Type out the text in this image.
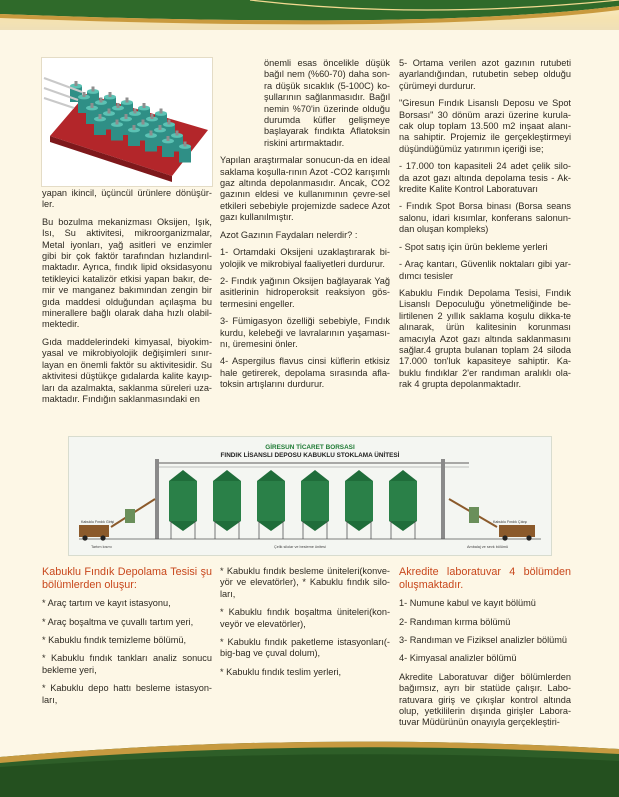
yapan ikincil, üçüncül ürünlere dönüşür-ler.

Bu bozulma mekanizması Oksijen, Işık, Isı, Su aktivitesi, mikroorganizmalar, Metal iyonları, yağ asitleri ve enzimler gibi bir çok faktör tarafından hızlandırıl-maktadır. Ayrıca, fındık lipid oksidasyonu tetikleyici katalizör etkisi yapan bakır, de-mir ve manganez bakımından zengin bir gıda maddesi olduğundan açılaşma bu minerallere bağlı olarak daha hızlı olabil-mektedir.

Gıda maddelerindeki kimyasal, biyokim-yasal ve mikrobiyolojik değişimleri sınır-layan en önemli faktör su aktivitesidir. Su aktivitesi düştükçe gıdalarda kalite kayıp-ları da azalmakta, saklanma süreleri uza-maktadır. Fındığın saklanmasındaki en

önemli esas öncelikle düşük bağıl nem (%60-70) daha son-ra düşük sıcaklık (5-100C) ko-şullarının sağlanmasıdır. Bağıl nemin %70'in üzerinde olduğu durumda küfler gelişmeye başlayarak fındıkta Aflatoksin riskini artırmaktadır.

Yapılan araştırmalar sonucun-da en ideal saklama koşulla-rının Azot -CO2 karışımlı gaz altında depolanmasıdır. Ancak, CO2 gazının eldesi ve kullanımının çevre-sel etkileri sebebiyle projemizde sadece Azot gazı kullanılmıştır.

Azot Gazının Faydaları nelerdir? :

1- Ortamdaki Oksijeni uzaklaştırarak bi-yolojik ve mikrobiyal faaliyetleri durdurur.

2- Fındık yağının Oksijen bağlayarak Yağ asitlerinin hidroperoksit reaksiyon gös-termesini engeller.

3- Fümigasyon özelliği sebebiyle, Fındık kurdu, kelebeği ve lavralarının yaşaması-nı, üremesini önler.

4- Aspergilus flavus cinsi küflerin etkisiz hale getirerek, depolama sırasında afla-toksin artışlarını durdurur.

5- Ortama verilen azot gazının rutubeti ayarlandığından, rutubetin sebep olduğu çürümeyi durdurur.

"Giresun Fındık Lisanslı Deposu ve Spot Borsası" 30 dönüm arazi üzerine kurula-cak olup toplam 13.500 m2 inşaat alanı-na sahiptir. Projemiz ile gerçekleştirmeyi düşündüğümüz yatırımın içeriği ise;

- 17.000 ton kapasiteli 24 adet çelik silo-da azot gazı altında depolama tesis - Ak-kredite Kalite Kontrol Laboratuvarı

- Fındık Spot Borsa binası (Borsa seans salonu, idari kısımlar, konferans salonun-dan oluşan kompleks)

- Spot satış için ürün bekleme yerleri

- Araç kantarı, Güvenlik noktaları gibi yar-dımcı tesisler

Kabuklu Fındık Depolama Tesisi, Fındık Lisanslı Depoculuğu yönetmeliğinde be-lirtilenen 2 yıllık saklama koşulu dikka-te alınarak, ürün kalitesinin korunması amacıyla Azot gazı altında saklanmasını sağlar.4 grupta bulanan toplam 24 siloda 17.000 ton'luk kapasiteye sahiptir. Ka-buklu fındıklar 2'er randıman aralıklı ola-rak 4 grupta depolanmaktadır.

GİRESUN TİCARET BORSASI
FINDIK LİSANSLI DEPOSU KABUKLU STOKLAMA ÜNİTESİ
Kabuklu Fındık Girişi	Kabuklu Fındık Çıkışı
Tartım kısmı	Çelik silolar ve besleme ünitesi	Ambalaj ve sevk bölümü

Kabuklu Fındık Depolama Tesisi şu bölümlerden oluşur:

* Araç tartım ve kayıt istasyonu,

* Araç boşaltma ve çuvallı tartım yeri,

* Kabuklu fındık temizleme bölümü,

* Kabuklu fındık tankları analiz sonucu bekleme yeri,

* Kabuklu depo hattı besleme istasyon-ları,

* Kabuklu fındık besleme üniteleri(konve-yör ve elevatörler), * Kabuklu fındık silo-ları,

* Kabuklu fındık boşaltma üniteleri(kon-veyör ve elevatörler),

* Kabuklu fındık paketleme istasyonları(-big-bag ve çuval dolum),

* Kabuklu fındık teslim yerleri,

Akredite laboratuvar 4 bölümden oluşmaktadır.

1- Numune kabul ve kayıt bölümü

2- Randıman kırma bölümü

3- Randıman ve Fiziksel analizler bölümü

4- Kimyasal analizler bölümü

Akredite Laboratuvar diğer bölümlerden bağımsız, ayrı bir statüde çalışır. Labo-ratuvara giriş ve çıkışlar kontrol altında olup, yetkililerin dışında girişler Labora-tuvar Müdürünün onayıyla gerçekleştiri-
